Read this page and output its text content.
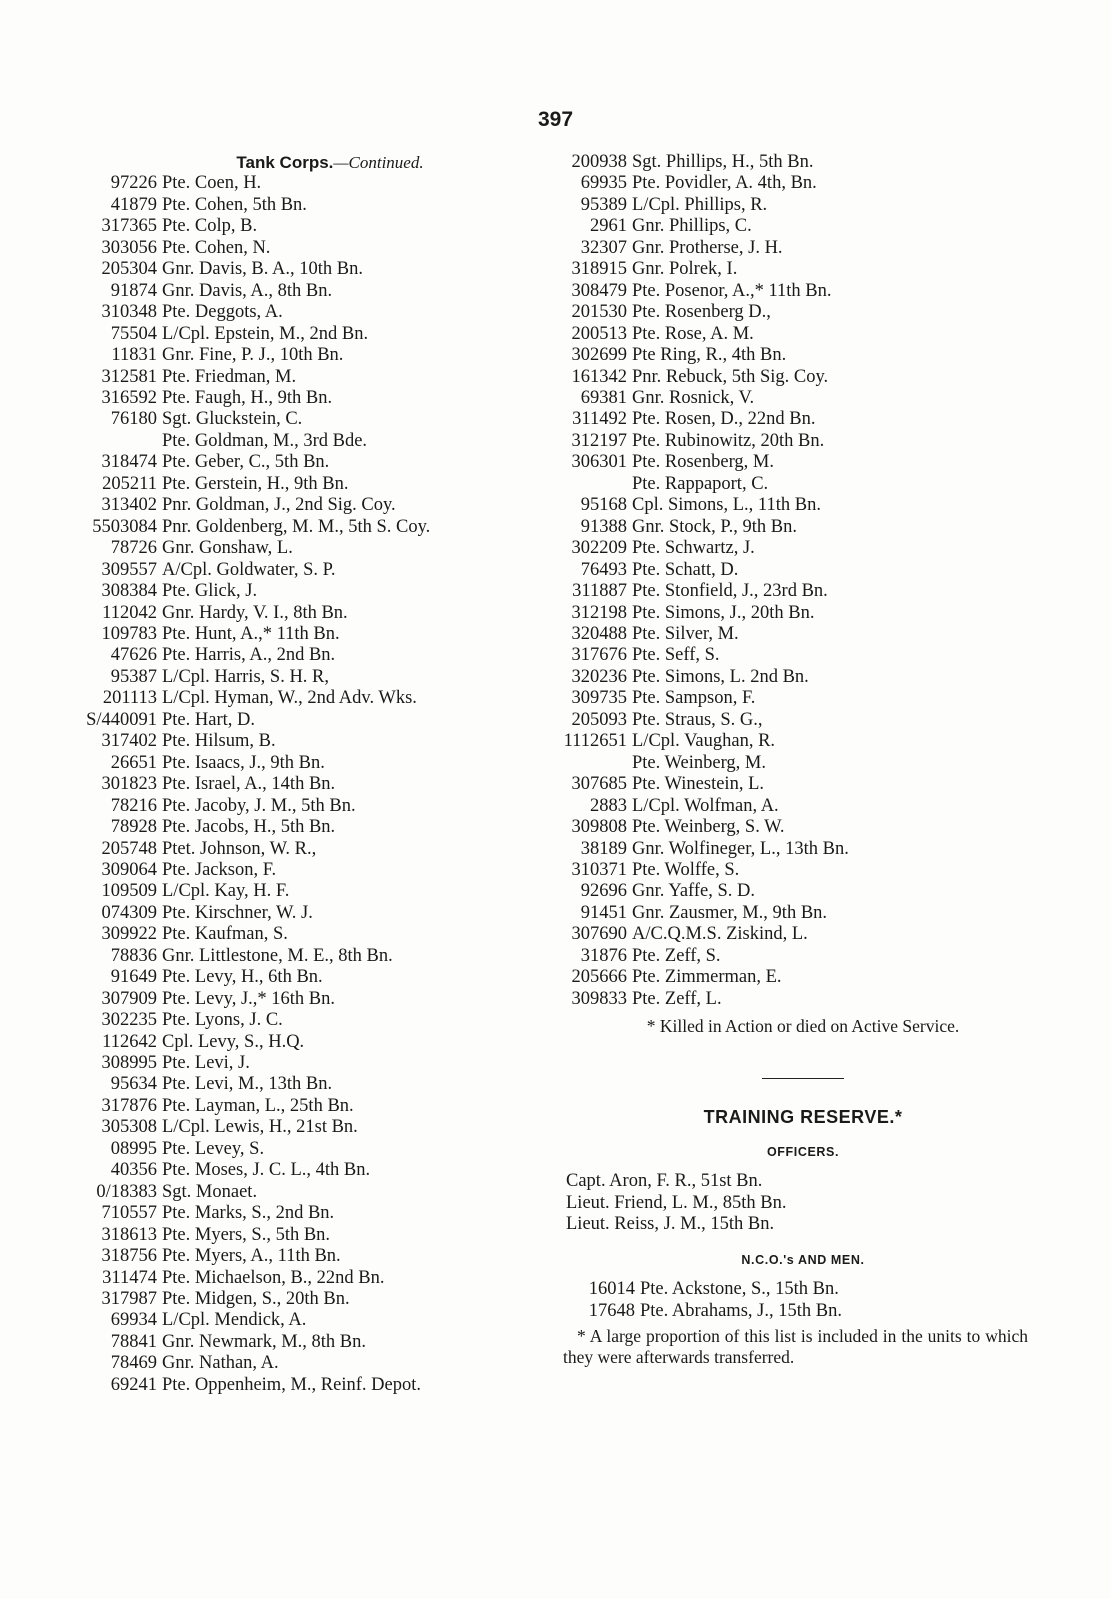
397
Tank Corps.—Continued.
97226 Pte. Coen, H.
41879 Pte. Cohen, 5th Bn.
317365 Pte. Colp, B.
303056 Pte. Cohen, N.
205304 Gnr. Davis, B. A., 10th Bn.
91874 Gnr. Davis, A., 8th Bn.
310348 Pte. Deggots, A.
75504 L/Cpl. Epstein, M., 2nd Bn.
11831 Gnr. Fine, P. J., 10th Bn.
312581 Pte. Friedman, M.
316592 Pte. Faugh, H., 9th Bn.
76180 Sgt. Gluckstein, C.
Pte. Goldman, M., 3rd Bde.
318474 Pte. Geber, C., 5th Bn.
205211 Pte. Gerstein, H., 9th Bn.
313402 Pnr. Goldman, J., 2nd Sig. Coy.
5503084 Pnr. Goldenberg, M. M., 5th S. Coy.
78726 Gnr. Gonshaw, L.
309557 A/Cpl. Goldwater, S. P.
308384 Pte. Glick, J.
112042 Gnr. Hardy, V. I., 8th Bn.
109783 Pte. Hunt, A.,* 11th Bn.
47626 Pte. Harris, A., 2nd Bn.
95387 L/Cpl. Harris, S. H. R,
201113 L/Cpl. Hyman, W., 2nd Adv. Wks.
S/440091 Pte. Hart, D.
317402 Pte. Hilsum, B.
26651 Pte. Isaacs, J., 9th Bn.
301823 Pte. Israel, A., 14th Bn.
78216 Pte. Jacoby, J. M., 5th Bn.
78928 Pte. Jacobs, H., 5th Bn.
205748 Ptet. Johnson, W. R.,
309064 Pte. Jackson, F.
109509 L/Cpl. Kay, H. F.
074309 Pte. Kirschner, W. J.
309922 Pte. Kaufman, S.
78836 Gnr. Littlestone, M. E., 8th Bn.
91649 Pte. Levy, H., 6th Bn.
307909 Pte. Levy, J.,* 16th Bn.
302235 Pte. Lyons, J. C.
112642 Cpl. Levy, S., H.Q.
308995 Pte. Levi, J.
95634 Pte. Levi, M., 13th Bn.
317876 Pte. Layman, L., 25th Bn.
305308 L/Cpl. Lewis, H., 21st Bn.
08995 Pte. Levey, S.
40356 Pte. Moses, J. C. L., 4th Bn.
0/18383 Sgt. Monaet.
710557 Pte. Marks, S., 2nd Bn.
318613 Pte. Myers, S., 5th Bn.
318756 Pte. Myers, A., 11th Bn.
311474 Pte. Michaelson, B., 22nd Bn.
317987 Pte. Midgen, S., 20th Bn.
69934 L/Cpl. Mendick, A.
78841 Gnr. Newmark, M., 8th Bn.
78469 Gnr. Nathan, A.
69241 Pte. Oppenheim, M., Reinf. Depot.
200938 Sgt. Phillips, H., 5th Bn.
69935 Pte. Povidler, A. 4th, Bn.
95389 L/Cpl. Phillips, R.
2961 Gnr. Phillips, C.
32307 Gnr. Protherse, J. H.
318915 Gnr. Polrek, I.
308479 Pte. Posenor, A.,* 11th Bn.
201530 Pte. Rosenberg D.,
200513 Pte. Rose, A. M.
302699 Pte Ring, R., 4th Bn.
161342 Pnr. Rebuck, 5th Sig. Coy.
69381 Gnr. Rosnick, V.
311492 Pte. Rosen, D., 22nd Bn.
312197 Pte. Rubinowitz, 20th Bn.
306301 Pte. Rosenberg, M.
Pte. Rappaport, C.
95168 Cpl. Simons, L., 11th Bn.
91388 Gnr. Stock, P., 9th Bn.
302209 Pte. Schwartz, J.
76493 Pte. Schatt, D.
311887 Pte. Stonfield, J., 23rd Bn.
312198 Pte. Simons, J., 20th Bn.
320488 Pte. Silver, M.
317676 Pte. Seff, S.
320236 Pte. Simons, L. 2nd Bn.
309735 Pte. Sampson, F.
205093 Pte. Straus, S. G.,
1112651 L/Cpl. Vaughan, R.
Pte. Weinberg, M.
307685 Pte. Winestein, L.
2883 L/Cpl. Wolfman, A.
309808 Pte. Weinberg, S. W.
38189 Gnr. Wolfineger, L., 13th Bn.
310371 Pte. Wolffe, S.
92696 Gnr. Yaffe, S. D.
91451 Gnr. Zausmer, M., 9th Bn.
307690 A/C.Q.M.S. Ziskind, L.
31876 Pte. Zeff, S.
205666 Pte. Zimmerman, E.
309833 Pte. Zeff, L.
* Killed in Action or died on Active Service.
TRAINING RESERVE.*
OFFICERS.
Capt. Aron, F. R., 51st Bn.
Lieut. Friend, L. M., 85th Bn.
Lieut. Reiss, J. M., 15th Bn.
N.C.O.'s AND MEN.
16014 Pte. Ackstone, S., 15th Bn.
17648 Pte. Abrahams, J., 15th Bn.
* A large proportion of this list is included in the units to which they were afterwards transferred.
